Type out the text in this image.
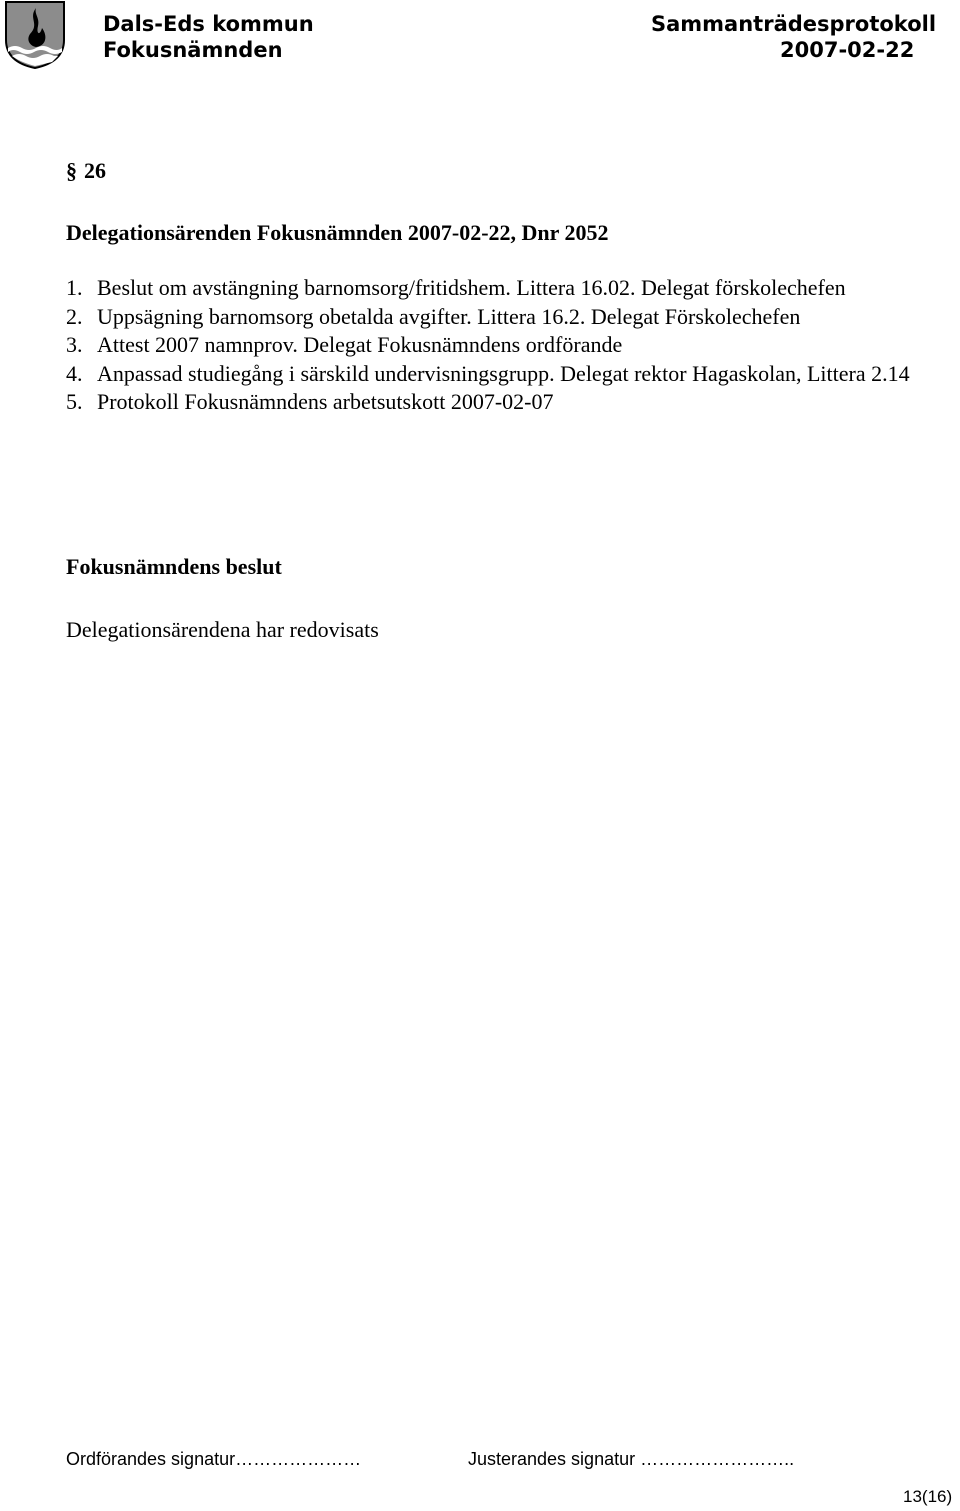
Dals-Eds kommun
Fokusnämnden
Sammanträdesprotokoll
2007-02-22
§ 26
Delegationsärenden Fokusnämnden 2007-02-22, Dnr 2052
1. Beslut om avstängning barnomsorg/fritidshem. Littera 16.02. Delegat förskolechefen
2. Uppsägning barnomsorg obetalda avgifter. Littera 16.2. Delegat Förskolechefen
3. Attest 2007 namnprov. Delegat Fokusnämndens ordförande
4. Anpassad studiegång i särskild undervisningsgrupp. Delegat rektor Hagaskolan, Littera 2.14
5. Protokoll Fokusnämndens arbetsutskott 2007-02-07
Fokusnämndens beslut
Delegationsärendena har redovisats
Ordförandes signatur…………………	Justerandes signatur ……………………..
13(16)
